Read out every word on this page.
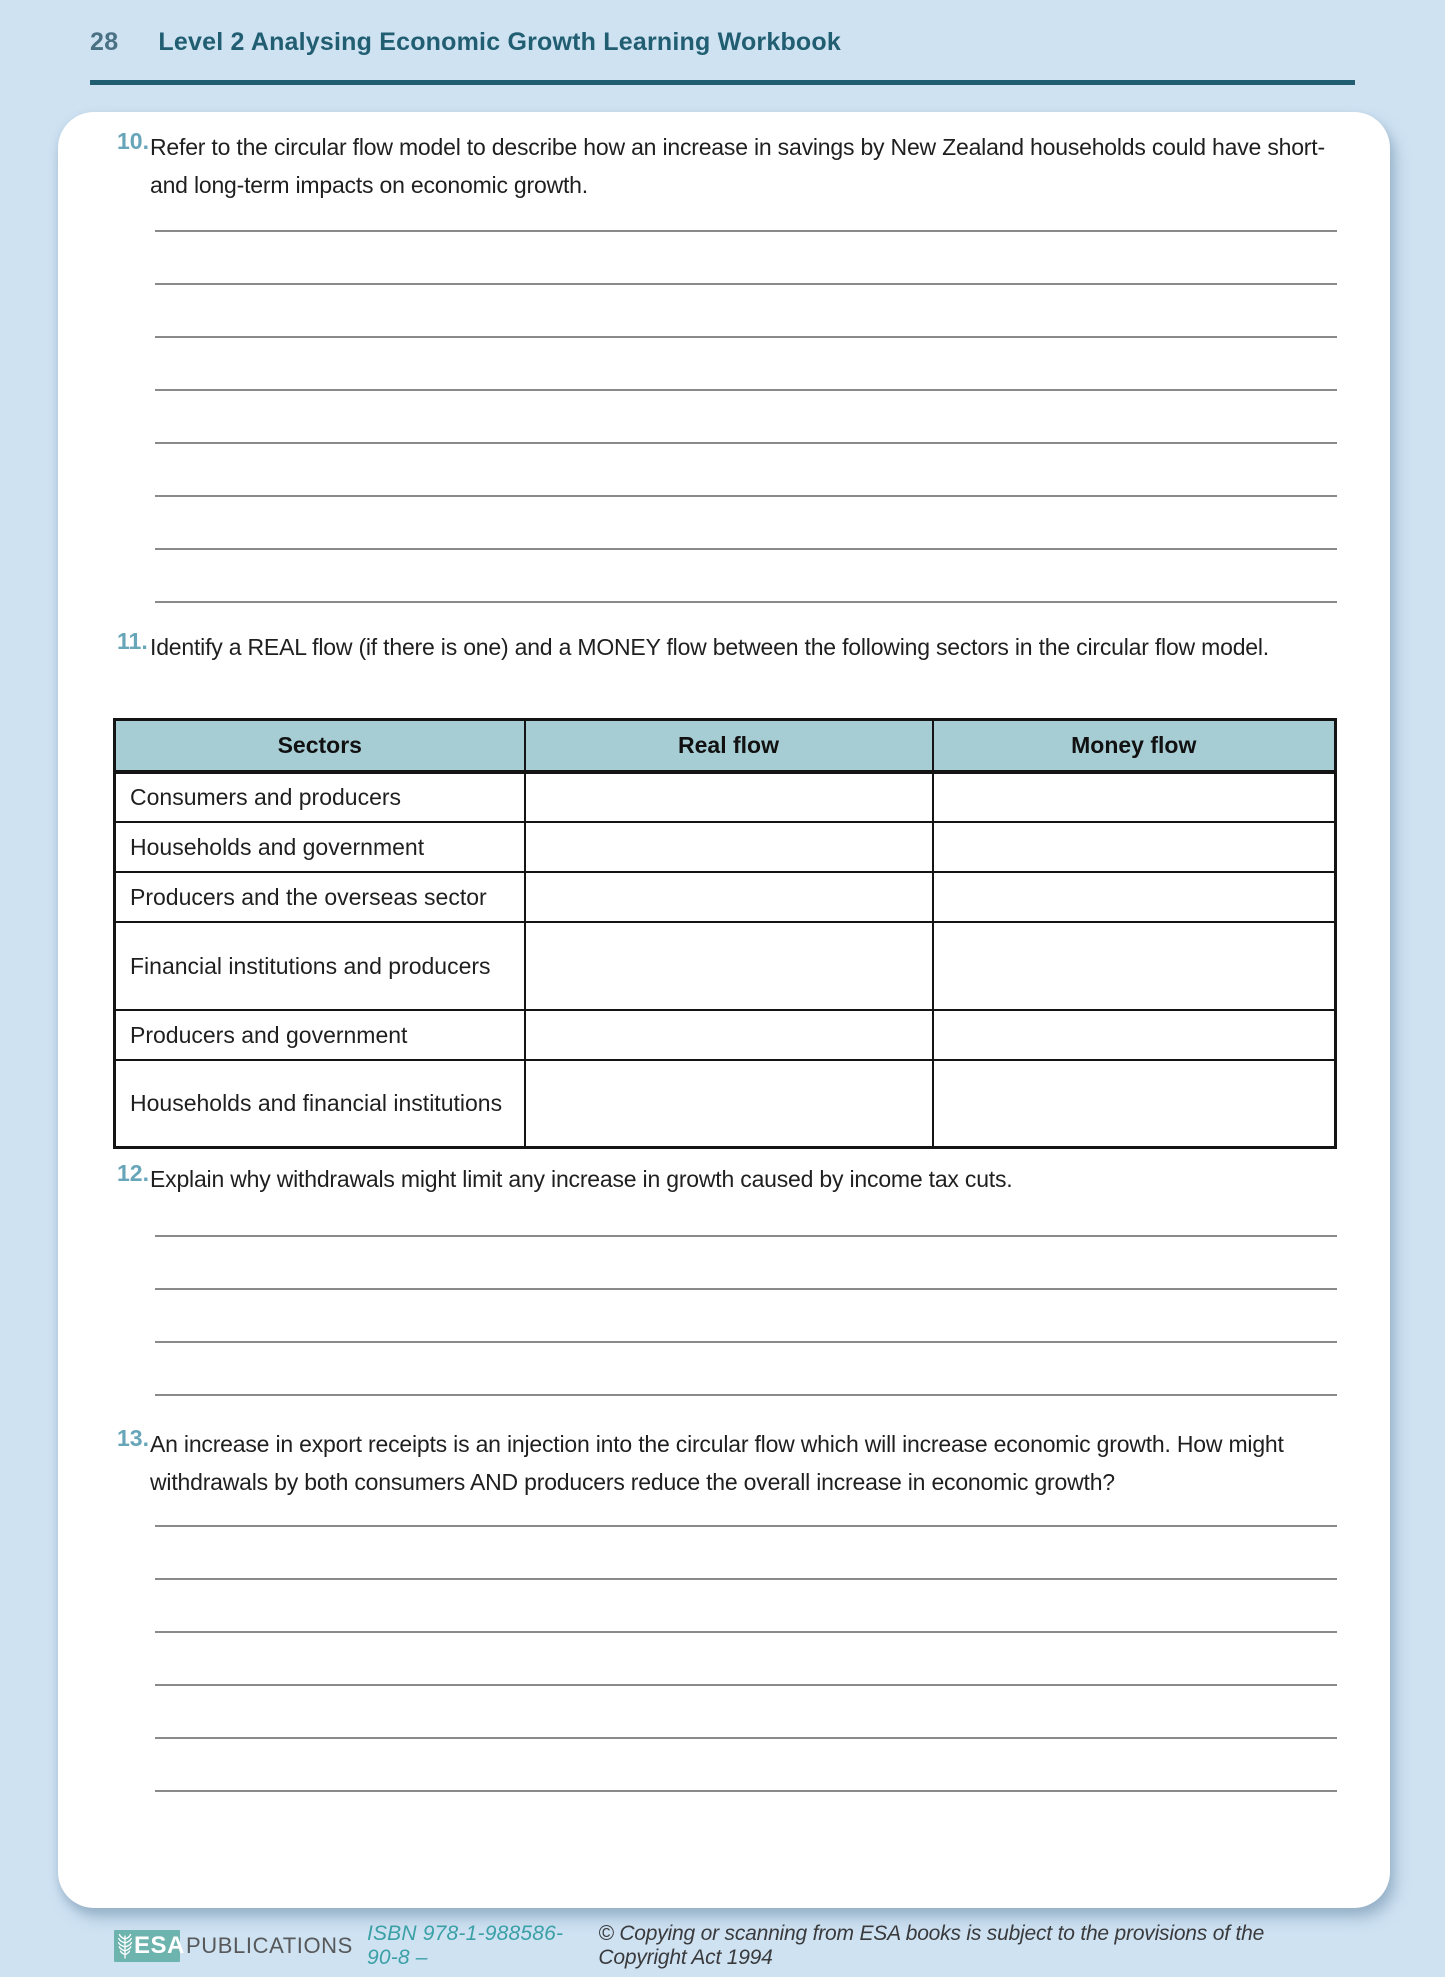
28 Level 2 Analysing Economic Growth Learning Workbook
10. Refer to the circular flow model to describe how an increase in savings by New Zealand households could have short- and long-term impacts on economic growth.
11. Identify a REAL flow (if there is one) and a MONEY flow between the following sectors in the circular flow model.
Sectors	Real flow	Money flow
Consumers and producers		
Households and government		
Producers and the overseas sector		
Financial institutions and producers		
Producers and government		
Households and financial institutions		
12. Explain why withdrawals might limit any increase in growth caused by income tax cuts.
13. An increase in export receipts is an injection into the circular flow which will increase economic growth. How might withdrawals by both consumers AND producers reduce the overall increase in economic growth?
ESA PUBLICATIONS ISBN 978-1-988586-90-8 –
© Copying or scanning from ESA books is subject to the provisions of the Copyright Act 1994
